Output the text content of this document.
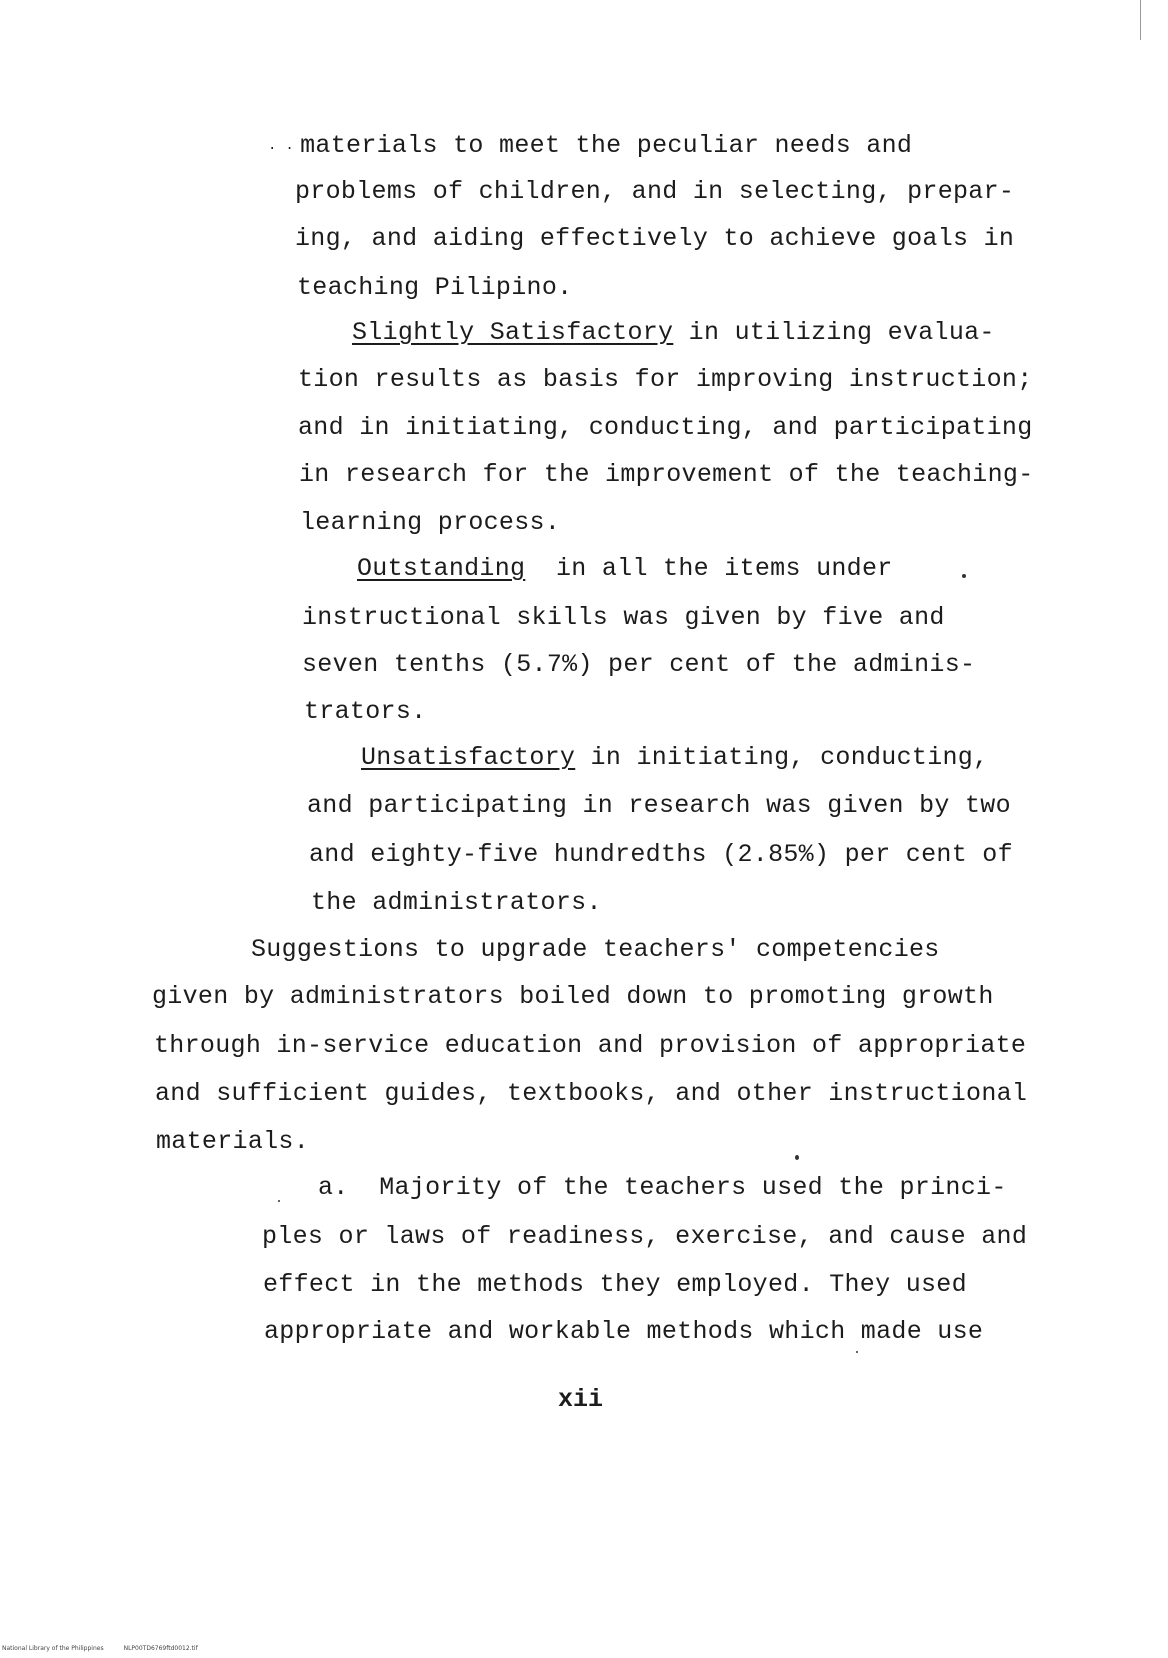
· · materials to meet the peculiar needs and
problems of children, and in selecting, prepar-
ing, and aiding effectively to achieve goals in
teaching Pilipino.
Slightly Satisfactory in utilizing evalua-
tion results as basis for improving instruction;
and in initiating, conducting, and participating
in research for the improvement of the teaching-
learning process.
Outstanding in all the items under
instructional skills was given by five and
seven tenths (5.7%) per cent of the adminis-
trators.
Unsatisfactory in initiating, conducting,
and participating in research was given by two
and eighty-five hundredths (2.85%) per cent of
the administrators.
Suggestions to upgrade teachers' competencies
given by administrators boiled down to promoting growth
through in-service education and provision of appropriate
and sufficient guides, textbooks, and other instructional
materials.
a. Majority of the teachers used the princi-
ples or laws of readiness, exercise, and cause and
effect in the methods they employed. They used
appropriate and workable methods which made use
xii
National Library of the Philippines	NLP00TD6769ftd0012.tif
